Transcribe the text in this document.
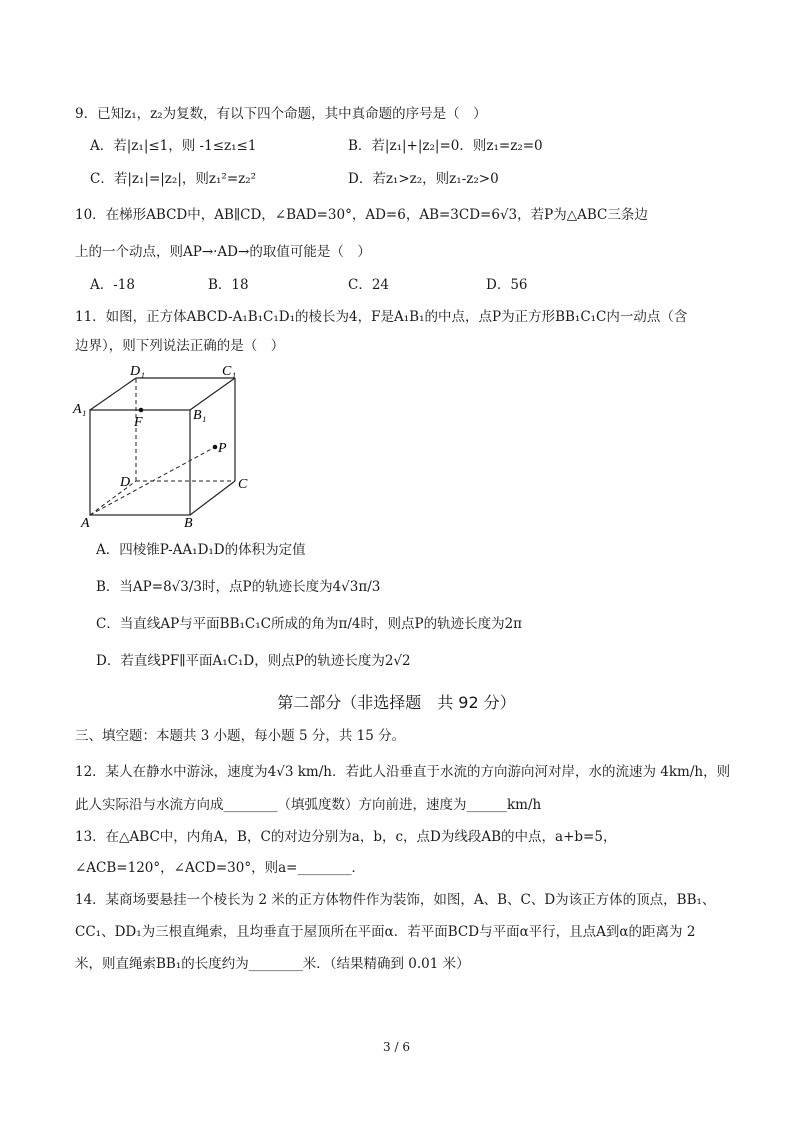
9．已知z₁，z₂为复数，有以下四个命题，其中真命题的序号是（　）
A．若|z₁|≤1，则 -1≤z₁≤1	B．若|z₁|+|z₂|=0．则z₁=z₂=0
C．若|z₁|=|z₂|，则z₁²=z₂²	D．若z₁>z₂，则z₁-z₂>0
10．在梯形ABCD中，AB∥CD，∠BAD=30°，AD=6，AB=3CD=6√3，若P为△ABC三条边
上的一个动点，则AP→·AD→的取值可能是（　）
A．-18	B．18	C．24	D．56
11．如图，正方体ABCD-A₁B₁C₁D₁的棱长为4，F是A₁B₁的中点，点P为正方形BB₁C₁C内一动点（含
边界），则下列说法正确的是（　）
D₁	C₁
A₁	B₁
F
P
D	C
A	B
A．四棱锥P-AA₁D₁D的体积为定值
B．当AP=8√3/3时，点P的轨迹长度为4√3π/3
C．当直线AP与平面BB₁C₁C所成的角为π/4时，则点P的轨迹长度为2π
D．若直线PF∥平面A₁C₁D，则点P的轨迹长度为2√2
第二部分（非选择题　共 92 分）
三、填空题：本题共 3 小题，每小题 5 分，共 15 分。
12．某人在静水中游泳，速度为4√3 km/h．若此人沿垂直于水流的方向游向河对岸，水的流速为 4km/h，则
此人实际沿与水流方向成________（填弧度数）方向前进，速度为______km/h
13．在△ABC中，内角A，B，C的对边分别为a，b，c，点D为线段AB的中点，a+b=5，
∠ACB=120°，∠ACD=30°，则a=________．
14．某商场要悬挂一个棱长为 2 米的正方体物件作为装饰，如图，A、B、C、D为该正方体的顶点，BB₁、
CC₁、DD₁为三根直绳索，且均垂直于屋顶所在平面α．若平面BCD与平面α平行，且点A到α的距离为 2
米，则直绳索BB₁的长度约为________米．（结果精确到 0.01 米）
3 / 6
